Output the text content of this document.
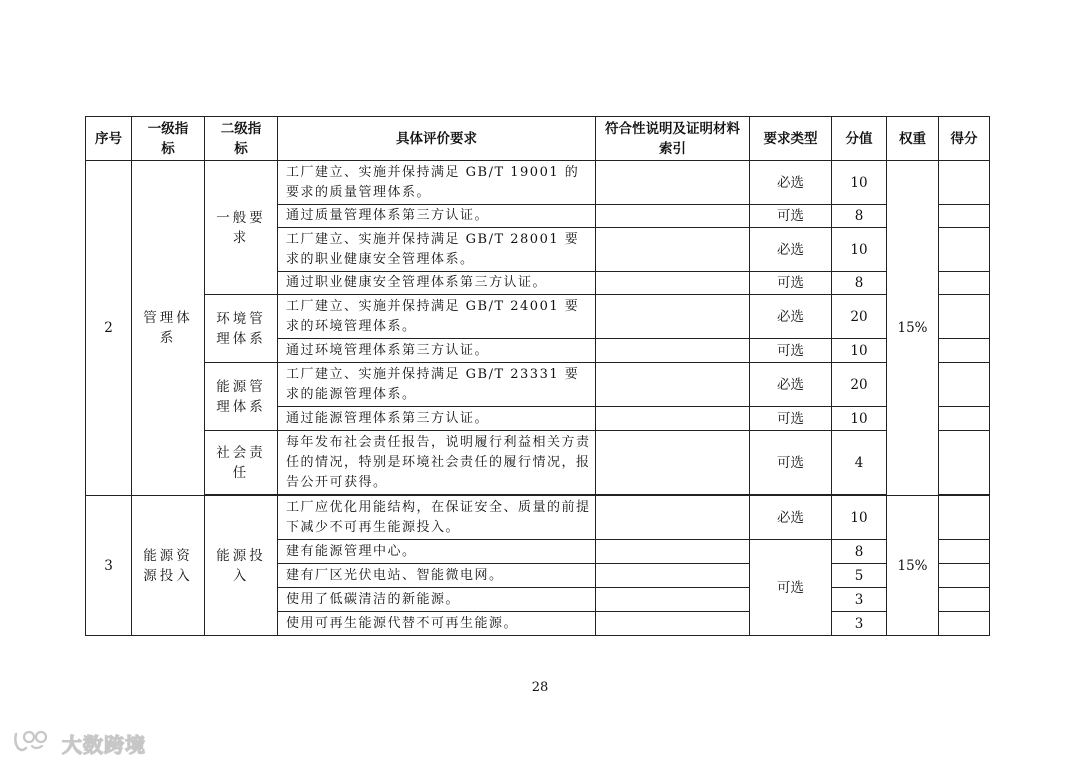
序号	一级指标	二级指标	具体评价要求	符合性说明及证明材料索引	要求类型	分值	权重	得分
2	管理体系	一般要求	工厂建立、实施并保持满足 GB/T 19001 的要求的质量管理体系。		必选	10	15%	
			通过质量管理体系第三方认证。		可选	8		
			工厂建立、实施并保持满足 GB/T 28001 要求的职业健康安全管理体系。		必选	10		
			通过职业健康安全管理体系第三方认证。		可选	8		
		环境管理体系	工厂建立、实施并保持满足 GB/T 24001 要求的环境管理体系。		必选	20		
			通过环境管理体系第三方认证。		可选	10		
		能源管理体系	工厂建立、实施并保持满足 GB/T 23331 要求的能源管理体系。		必选	20		
			通过能源管理体系第三方认证。		可选	10		
		社会责任	每年发布社会责任报告，说明履行利益相关方责任的情况，特别是环境社会责任的履行情况，报告公开可获得。		可选	4		

3	能源资源投入	能源投入	工厂应优化用能结构，在保证安全、质量的前提下减少不可再生能源投入。		必选	10	15%	
			建有能源管理中心。		可选	8		
			建有厂区光伏电站、智能微电网。			5		
			使用了低碳清洁的新能源。			3		
			使用可再生能源代替不可再生能源。			3		
28
大数跨境
